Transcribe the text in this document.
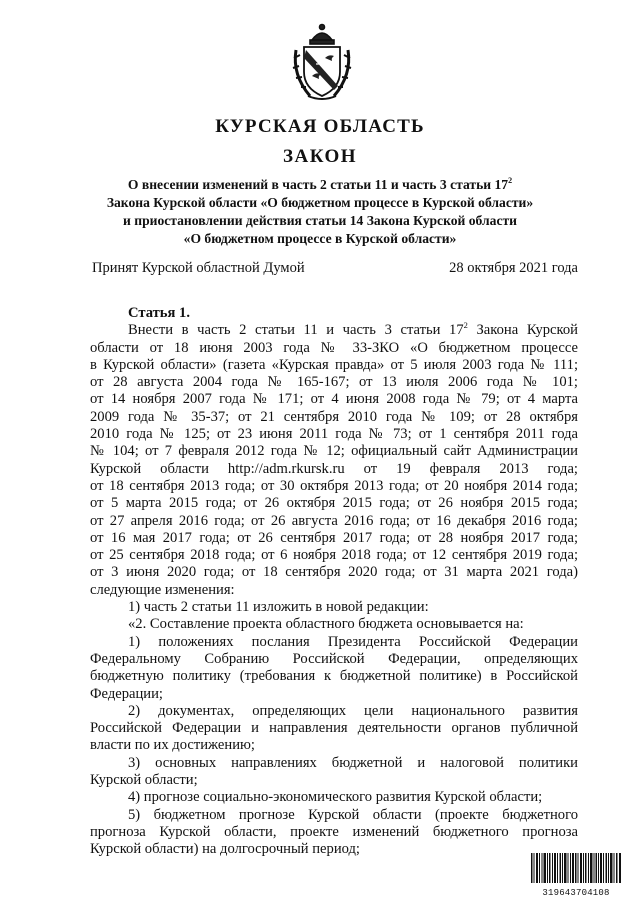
КУРСКАЯ ОБЛАСТЬ
ЗАКОН
О внесении изменений в часть 2 статьи 11 и часть 3 статьи $17^2$
Закона Курской области «О бюджетном процессе в Курской области»
и приостановлении действия статьи 14 Закона Курской области
«О бюджетном процессе в Курской области»
Принят Курской областной Думой	28 октября 2021 года
Статья 1.
Внести в часть 2 статьи 11 и часть 3 статьи $17^2$ Закона Курской
области от 18 июня 2003 года № 33-ЗКО «О бюджетном процессе
в Курской области» (газета «Курская правда» от 5 июля 2003 года № 111;
от 28 августа 2004 года № 165-167; от 13 июля 2006 года № 101;
от 14 ноября 2007 года № 171; от 4 июня 2008 года № 79; от 4 марта
2009 года № 35-37; от 21 сентября 2010 года № 109; от 28 октября
2010 года № 125; от 23 июня 2011 года № 73; от 1 сентября 2011 года
№ 104; от 7 февраля 2012 года № 12; официальный сайт Администрации
Курской области http://adm.rkursk.ru от 19 февраля 2013 года;
от 18 сентября 2013 года; от 30 октября 2013 года; от 20 ноября 2014 года;
от 5 марта 2015 года; от 26 октября 2015 года; от 26 ноября 2015 года;
от 27 апреля 2016 года; от 26 августа 2016 года; от 16 декабря 2016 года;
от 16 мая 2017 года; от 26 сентября 2017 года; от 28 ноября 2017 года;
от 25 сентября 2018 года; от 6 ноября 2018 года; от 12 сентября 2019 года;
от 3 июня 2020 года; от 18 сентября 2020 года; от 31 марта 2021 года)
следующие изменения:
1) часть 2 статьи 11 изложить в новой редакции:
«2. Составление проекта областного бюджета основывается на:
1) положениях послания Президента Российской Федерации
Федеральному Собранию Российской Федерации, определяющих
бюджетную политику (требования к бюджетной политике) в Российской
Федерации;
2) документах, определяющих цели национального развития
Российской Федерации и направления деятельности органов публичной
власти по их достижению;
3) основных направлениях бюджетной и налоговой политики
Курской области;
4) прогнозе социально-экономического развития Курской области;
5) бюджетном прогнозе Курской области (проекте бюджетного
прогноза Курской области, проекте изменений бюджетного прогноза
Курской области) на долгосрочный период;
319643704108
